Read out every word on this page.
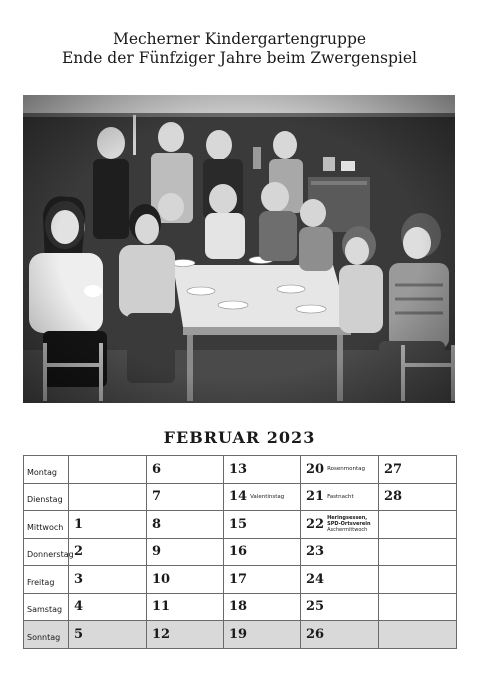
Mecherner Kindergartengruppe
Ende der Fünfziger Jahre beim Zwergenspiel
FEBRUAR 2023
Montag		6	13	20 Rosenmontag	27

Dienstag		7	14 Valentinstag	21 Fastnacht	28

Mittwoch	1	8	15	22 Heringsessen,
SPD-Ortsverein
Aschermittwoch	

Donnerstag	2	9	16	23	

Freitag	3	10	17	24	

Samstag	4	11	18	25	

Sonntag	5	12	19	26	
